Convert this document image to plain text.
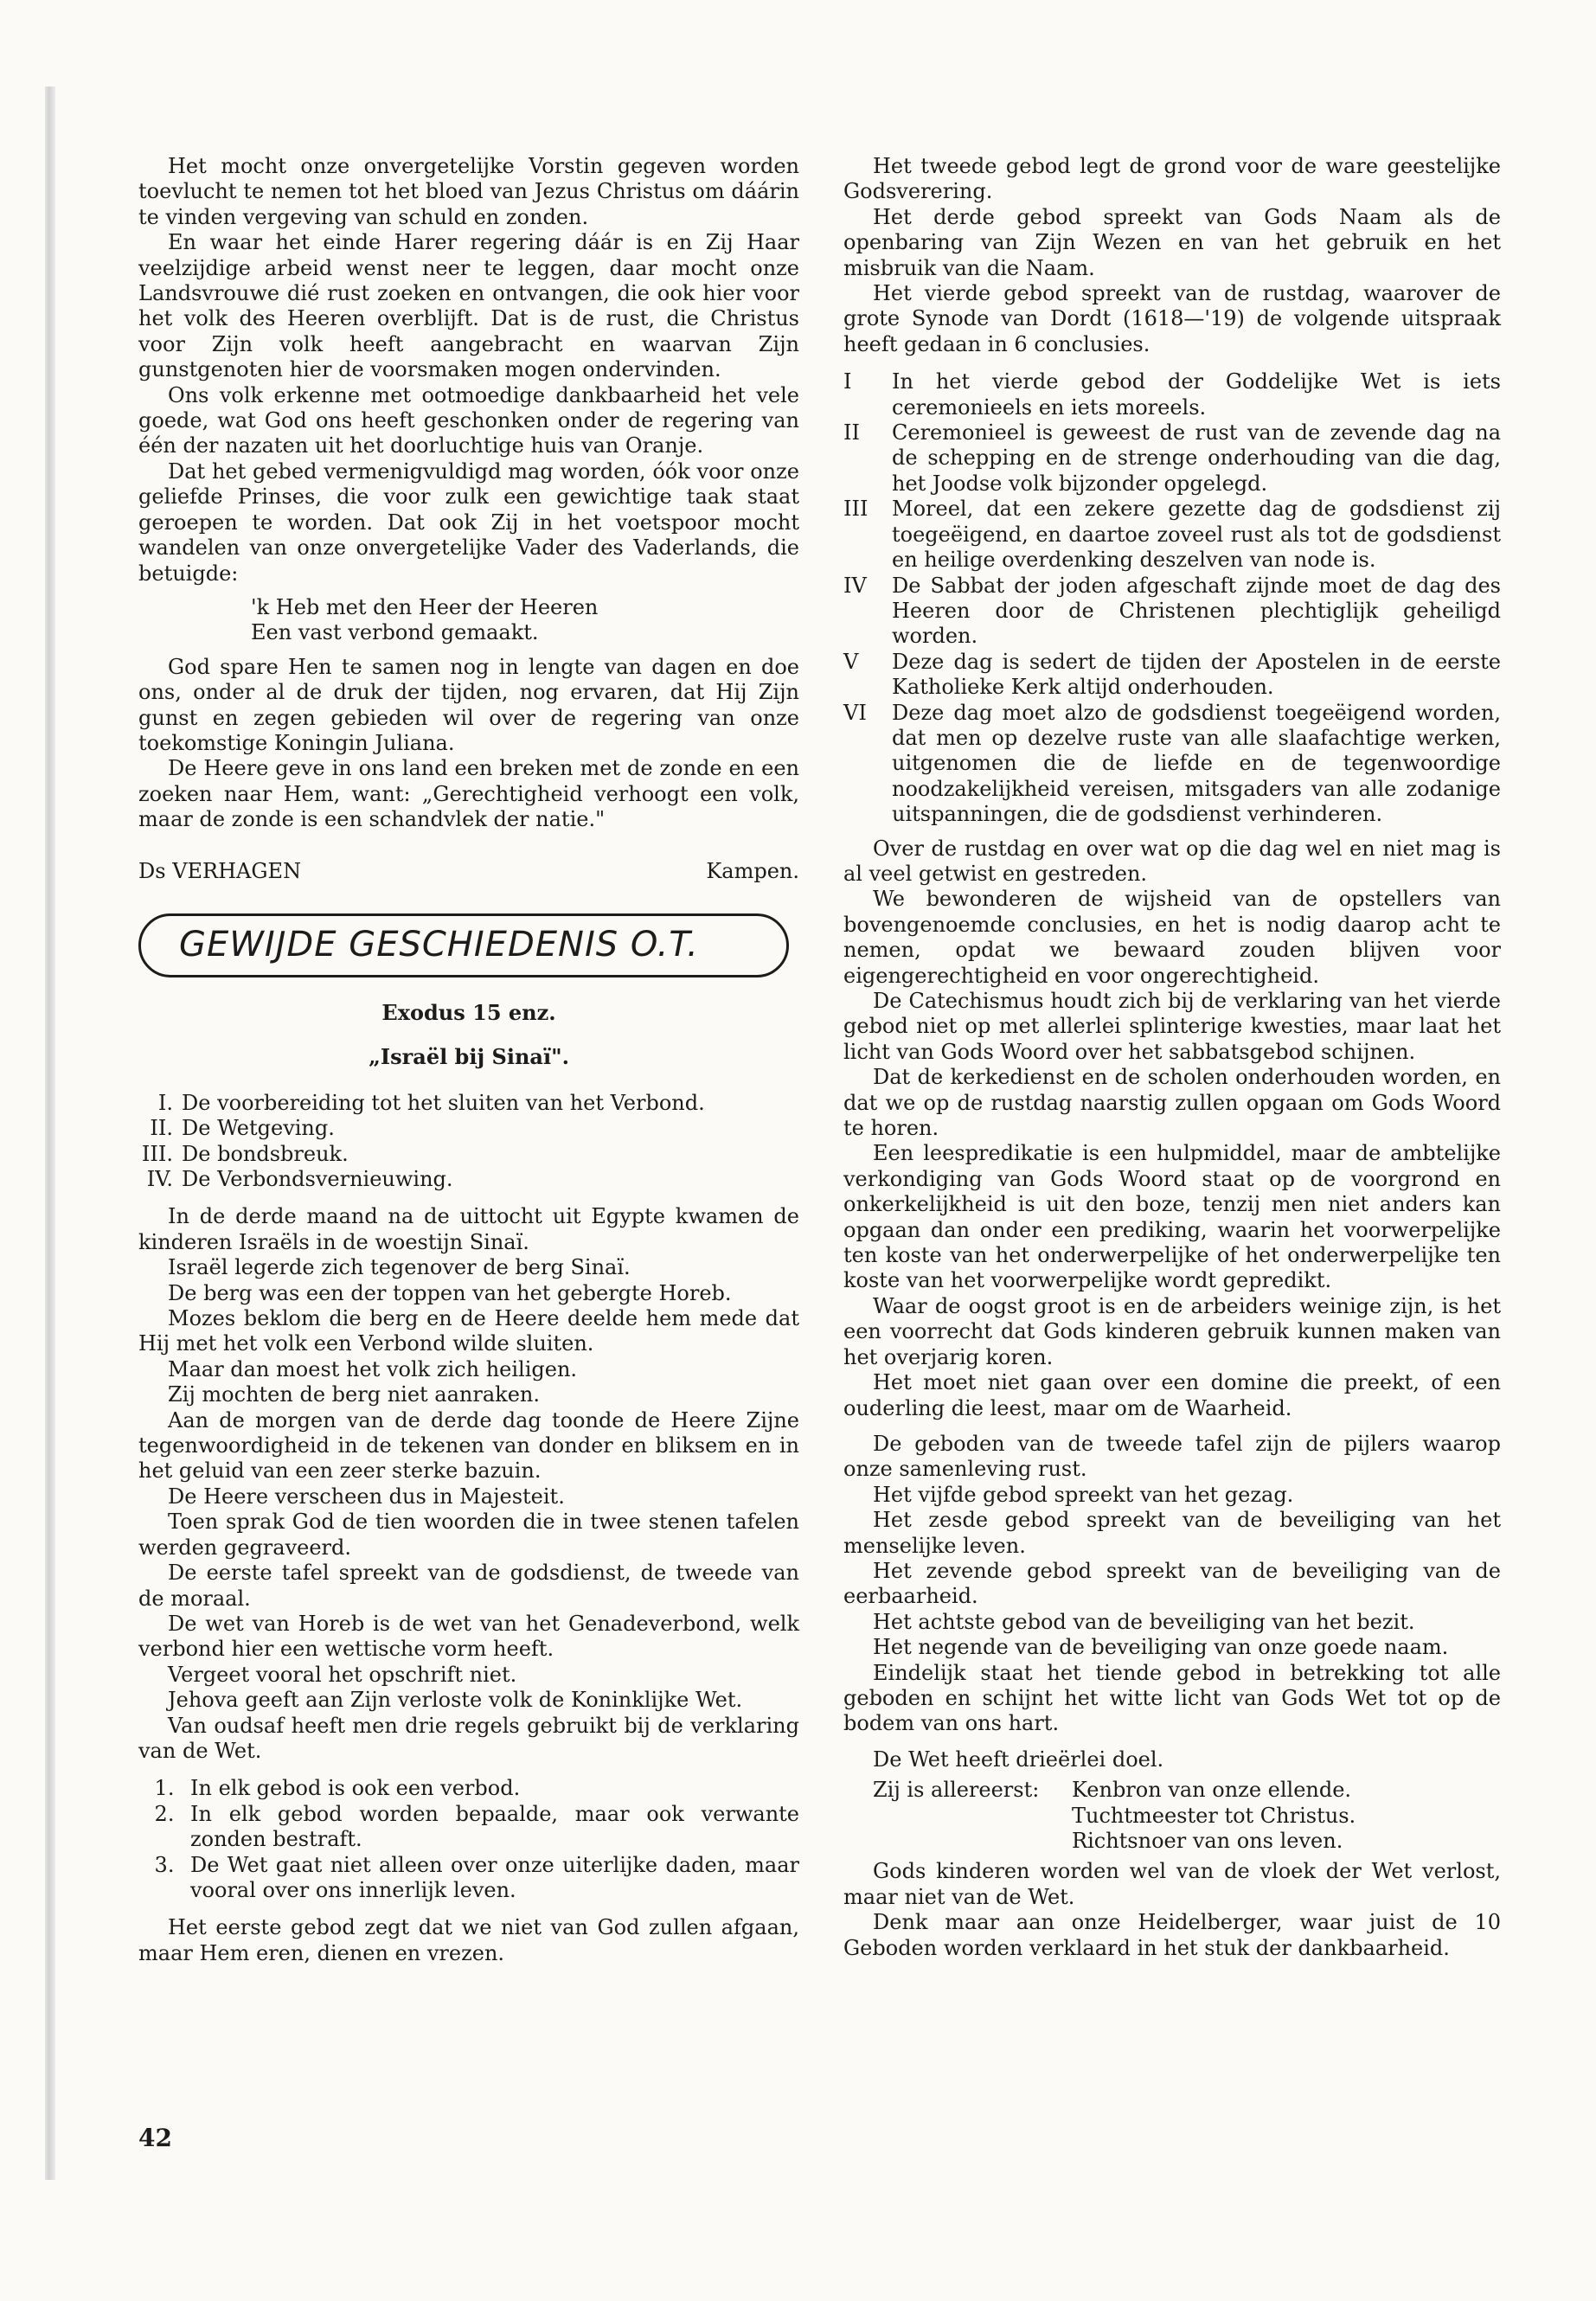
Het mocht onze onvergetelijke Vorstin gegeven worden toevlucht te nemen tot het bloed van Jezus Christus om dáárin te vinden vergeving van schuld en zonden.

En waar het einde Harer regering dáár is en Zij Haar veelzijdige arbeid wenst neer te leggen, daar mocht onze Landsvrouwe dié rust zoeken en ontvangen, die ook hier voor het volk des Heeren overblijft. Dat is de rust, die Christus voor Zijn volk heeft aangebracht en waarvan Zijn gunstgenoten hier de voorsmaken mogen ondervinden.

Ons volk erkenne met ootmoedige dankbaarheid het vele goede, wat God ons heeft geschonken onder de regering van één der nazaten uit het doorluchtige huis van Oranje.

Dat het gebed vermenigvuldigd mag worden, óók voor onze geliefde Prinses, die voor zulk een gewichtige taak staat geroepen te worden. Dat ook Zij in het voetspoor mocht wandelen van onze onvergetelijke Vader des Vaderlands, die betuigde:

'k Heb met den Heer der Heeren
Een vast verbond gemaakt.

God spare Hen te samen nog in lengte van dagen en doe ons, onder al de druk der tijden, nog ervaren, dat Hij Zijn gunst en zegen gebieden wil over de regering van onze toekomstige Koningin Juliana.

De Heere geve in ons land een breken met de zonde en een zoeken naar Hem, want: „Gerechtigheid verhoogt een volk, maar de zonde is een schandvlek der natie."

Ds VERHAGEN	Kampen.
GEWIJDE GESCHIEDENIS O.T.

Exodus 15 enz.

„Israël bij Sinaï".

I. De voorbereiding tot het sluiten van het Verbond.
II. De Wetgeving.
III. De bondsbreuk.
IV. De Verbondsvernieuwing.

In de derde maand na de uittocht uit Egypte kwamen de kinderen Israëls in de woestijn Sinaï.

Israël legerde zich tegenover de berg Sinaï.

De berg was een der toppen van het gebergte Horeb.

Mozes beklom die berg en de Heere deelde hem mede dat Hij met het volk een Verbond wilde sluiten.

Maar dan moest het volk zich heiligen.

Zij mochten de berg niet aanraken.

Aan de morgen van de derde dag toonde de Heere Zijne tegenwoordigheid in de tekenen van donder en bliksem en in het geluid van een zeer sterke bazuin.

De Heere verscheen dus in Majesteit.

Toen sprak God de tien woorden die in twee stenen tafelen werden gegraveerd.

De eerste tafel spreekt van de godsdienst, de tweede van de moraal.

De wet van Horeb is de wet van het Genadeverbond, welk verbond hier een wettische vorm heeft.

Vergeet vooral het opschrift niet.

Jehova geeft aan Zijn verloste volk de Koninklijke Wet.

Van oudsaf heeft men drie regels gebruikt bij de verklaring van de Wet.

1. In elk gebod is ook een verbod.
2. In elk gebod worden bepaalde, maar ook verwante zonden bestraft.
3. De Wet gaat niet alleen over onze uiterlijke daden, maar vooral over ons innerlijk leven.

Het eerste gebod zegt dat we niet van God zullen afgaan, maar Hem eren, dienen en vrezen.

42

Het tweede gebod legt de grond voor de ware geestelijke Godsverering.

Het derde gebod spreekt van Gods Naam als de openbaring van Zijn Wezen en van het gebruik en het misbruik van die Naam.

Het vierde gebod spreekt van de rustdag, waarover de grote Synode van Dordt (1618—'19) de volgende uitspraak heeft gedaan in 6 conclusies.

I	In het vierde gebod der Goddelijke Wet is iets ceremonieels en iets moreels.
II	Ceremonieel is geweest de rust van de zevende dag na de schepping en de strenge onderhouding van die dag, het Joodse volk bijzonder opgelegd.
III	Moreel, dat een zekere gezette dag de godsdienst zij toegeëigend, en daartoe zoveel rust als tot de godsdienst en heilige overdenking deszelven van node is.
IV	De Sabbat der joden afgeschaft zijnde moet de dag des Heeren door de Christenen plechtiglijk geheiligd worden.
V	Deze dag is sedert de tijden der Apostelen in de eerste Katholieke Kerk altijd onderhouden.
VI	Deze dag moet alzo de godsdienst toegeëigend worden, dat men op dezelve ruste van alle slaafachtige werken, uitgenomen die de liefde en de tegenwoordige noodzakelijkheid vereisen, mitsgaders van alle zodanige uitspanningen, die de godsdienst verhinderen.

Over de rustdag en over wat op die dag wel en niet mag is al veel getwist en gestreden.

We bewonderen de wijsheid van de opstellers van bovengenoemde conclusies, en het is nodig daarop acht te nemen, opdat we bewaard zouden blijven voor eigengerechtigheid en voor ongerechtigheid.

De Catechismus houdt zich bij de verklaring van het vierde gebod niet op met allerlei splinterige kwesties, maar laat het licht van Gods Woord over het sabbatsgebod schijnen.

Dat de kerkedienst en de scholen onderhouden worden, en dat we op de rustdag naarstig zullen opgaan om Gods Woord te horen.

Een leespredikatie is een hulpmiddel, maar de ambtelijke verkondiging van Gods Woord staat op de voorgrond en onkerkelijkheid is uit den boze, tenzij men niet anders kan opgaan dan onder een prediking, waarin het voorwerpelijke ten koste van het onderwerpelijke of het onderwerpelijke ten koste van het voorwerpelijke wordt gepredikt.

Waar de oogst groot is en de arbeiders weinige zijn, is het een voorrecht dat Gods kinderen gebruik kunnen maken van het overjarig koren.

Het moet niet gaan over een domine die preekt, of een ouderling die leest, maar om de Waarheid.

De geboden van de tweede tafel zijn de pijlers waarop onze samenleving rust.

Het vijfde gebod spreekt van het gezag.

Het zesde gebod spreekt van de beveiliging van het menselijke leven.

Het zevende gebod spreekt van de beveiliging van de eerbaarheid.

Het achtste gebod van de beveiliging van het bezit.

Het negende van de beveiliging van onze goede naam.

Eindelijk staat het tiende gebod in betrekking tot alle geboden en schijnt het witte licht van Gods Wet tot op de bodem van ons hart.

De Wet heeft drieërlei doel.

Zij is allereerst:	Kenbron van onze ellende.
Tuchtmeester tot Christus.
Richtsnoer van ons leven.

Gods kinderen worden wel van de vloek der Wet verlost, maar niet van de Wet.

Denk maar aan onze Heidelberger, waar juist de 10 Geboden worden verklaard in het stuk der dankbaarheid.
